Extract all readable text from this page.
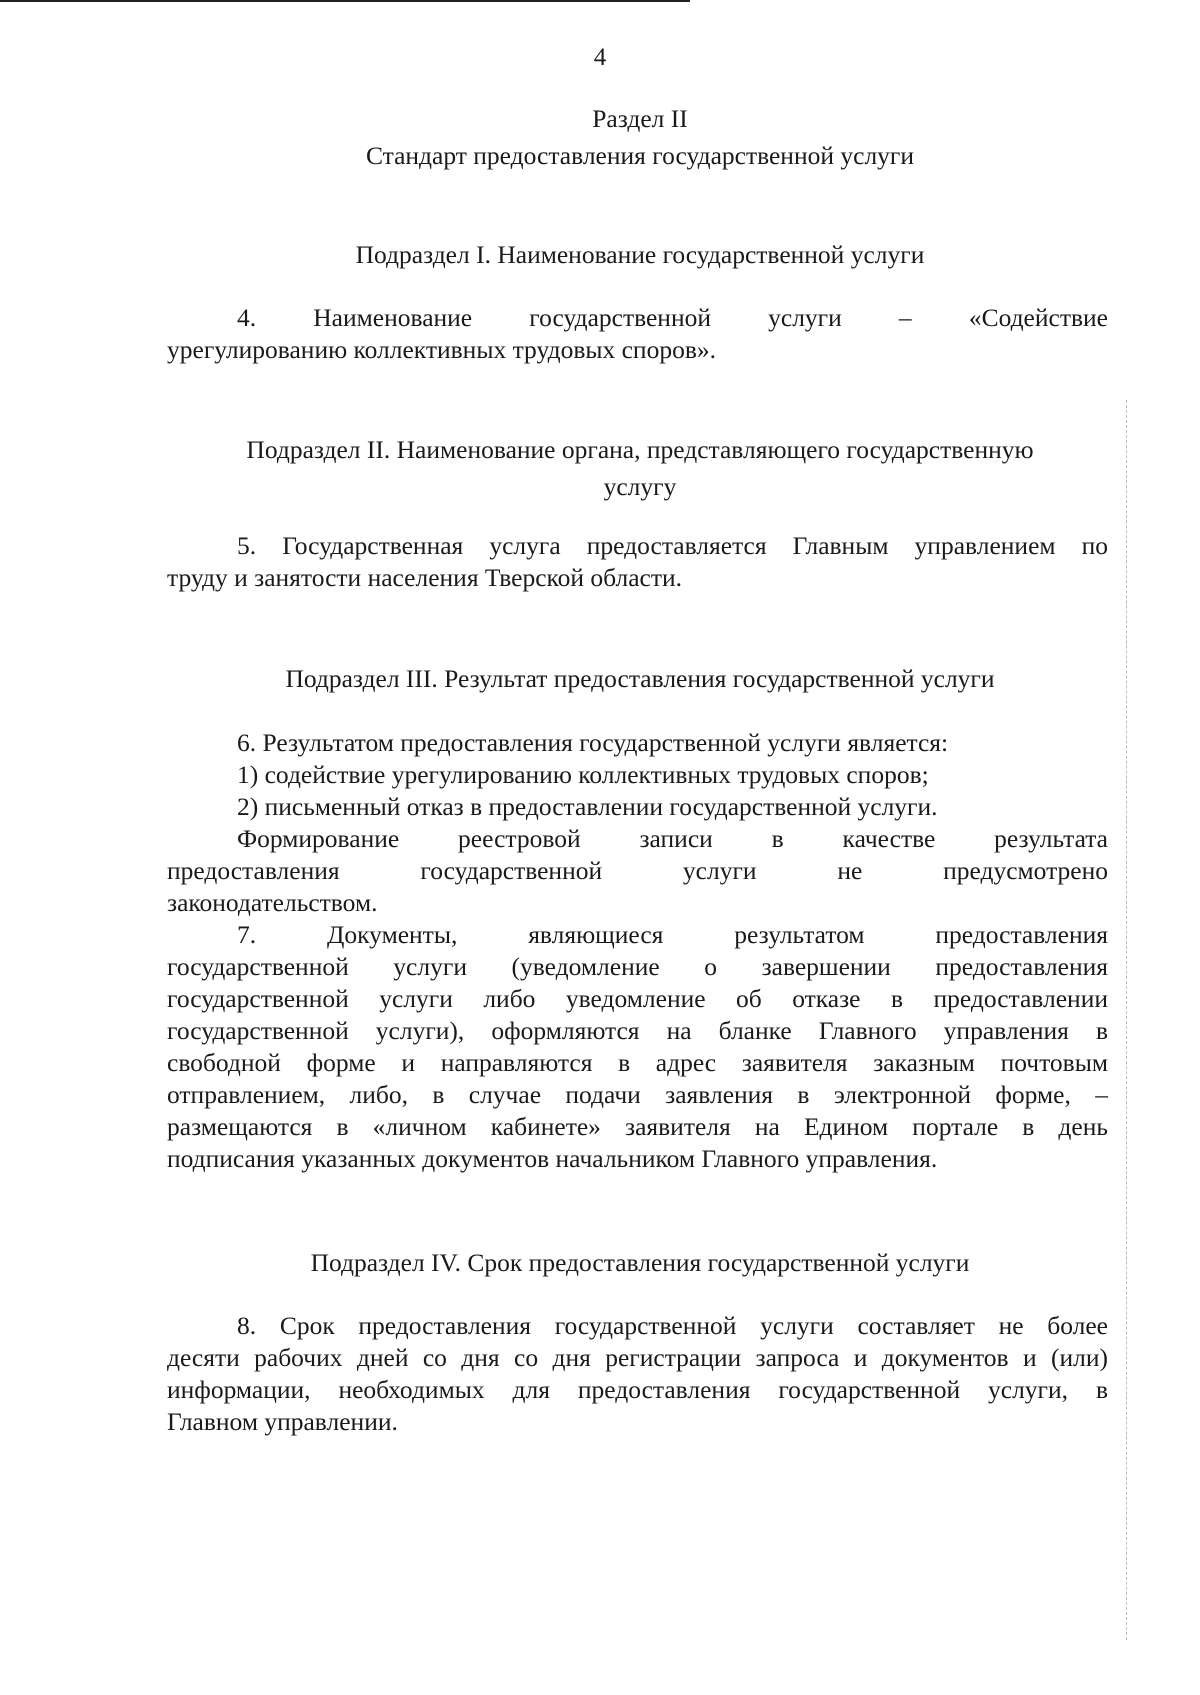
4
Раздел II
Стандарт предоставления государственной услуги
Подраздел I. Наименование государственной услуги
4. Наименование государственной услуги – «Содействие
урегулированию коллективных трудовых споров».
Подраздел II. Наименование органа, представляющего государственную
услугу
5. Государственная услуга предоставляется Главным управлением по
труду и занятости населения Тверской области.
Подраздел III. Результат предоставления государственной услуги
6. Результатом предоставления государственной услуги является:
1) содействие урегулированию коллективных трудовых споров;
2) письменный отказ в предоставлении государственной услуги.
Формирование реестровой записи в качестве результата
предоставления государственной услуги не предусмотрено
законодательством.
7. Документы, являющиеся результатом предоставления
государственной услуги (уведомление о завершении предоставления
государственной услуги либо уведомление об отказе в предоставлении
государственной услуги), оформляются на бланке Главного управления в
свободной форме и направляются в адрес заявителя заказным почтовым
отправлением, либо, в случае подачи заявления в электронной форме, –
размещаются в «личном кабинете» заявителя на Едином портале в день
подписания указанных документов начальником Главного управления.
Подраздел IV. Срок предоставления государственной услуги
8. Срок предоставления государственной услуги составляет не более
десяти рабочих дней со дня со дня регистрации запроса и документов и (или)
информации, необходимых для предоставления государственной услуги, в
Главном управлении.
